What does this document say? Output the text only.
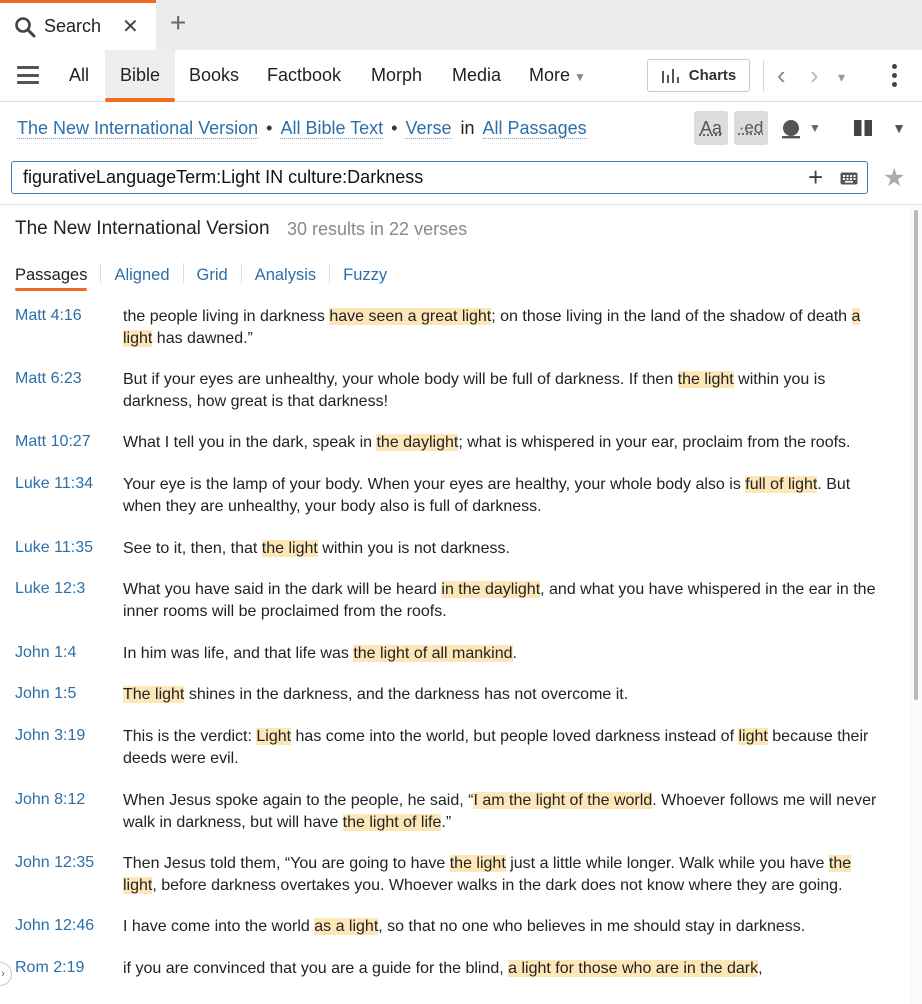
Search ✕ +
All	Bible	Books Factbook Morph Media More ▼	Charts ‹ › ▾
The New International Version • All Bible Text • Verse in All Passages	Aa ·ed	▼	▼
figurativeLanguageTerm:Light IN culture:Darkness
+ ★
The New International Version 30 results in 22 verses
Passages Aligned Grid Analysis Fuzzy
Matt 4:16	the people living in darkness have seen a great light; on those living in the land of the shadow of death a light has dawned.”
Matt 6:23	But if your eyes are unhealthy, your whole body will be full of darkness. If then the light within you is darkness, how great is that darkness!
Matt 10:27 What I tell you in the dark, speak in the daylight; what is whispered in your ear, proclaim from the roofs.
Luke 11:34 Your eye is the lamp of your body. When your eyes are healthy, your whole body also is full of light. But when they are unhealthy, your body also is full of darkness.
Luke 11:35 See to it, then, that the light within you is not darkness.
Luke 12:3 What you have said in the dark will be heard in the daylight, and what you have whispered in the ear in the inner rooms will be proclaimed from the roofs.
John 1:4	In him was life, and that life was the light of all mankind.
John 1:5	The light shines in the darkness, and the darkness has not overcome it.
John 3:19 This is the verdict: Light has come into the world, but people loved darkness instead of light because their deeds were evil.
John 8:12 When Jesus spoke again to the people, he said, “I am the light of the world. Whoever follows me will never walk in darkness, but will have the light of life.”
John 12:35 Then Jesus told them, “You are going to have the light just a little while longer. Walk while you have the light, before darkness overtakes you. Whoever walks in the dark does not know where they are going.
John 12:46 I have come into the world as a light, so that no one who believes in me should stay in darkness.
Rom 2:19 if you are convinced that you are a guide for the blind, a light for those who are in the dark,
›
